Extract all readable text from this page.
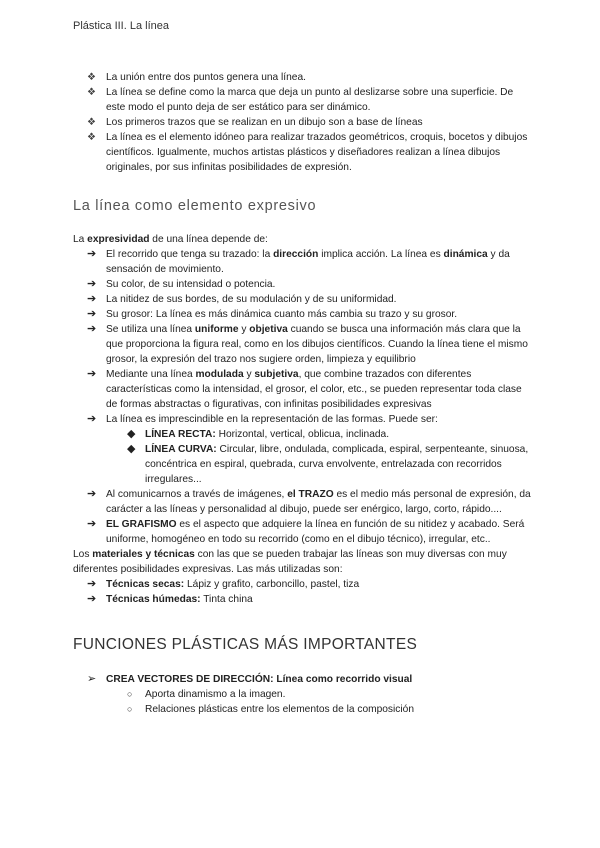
Plástica III. La línea
❖ La unión entre dos puntos genera una línea.
❖ La línea se define como la marca que deja un punto al deslizarse sobre una superficie. De este modo el punto deja de ser estático para ser dinámico.
❖ Los primeros trazos que se realizan en un dibujo son a base de líneas
❖ La línea es el elemento idóneo para realizar trazados geométricos, croquis, bocetos y dibujos científicos. Igualmente, muchos artistas plásticos y diseñadores realizan a línea dibujos originales, por sus infinitas posibilidades de expresión.
La línea como elemento expresivo
La expresividad de una línea depende de:
➔ El recorrido que tenga su trazado: la dirección implica acción. La línea es dinámica y da sensación de movimiento.
➔ Su color, de su intensidad o potencia.
➔ La nitidez de sus bordes, de su modulación y de su uniformidad.
➔ Su grosor: La línea es más dinámica cuanto más cambia su trazo y su grosor.
➔ Se utiliza una línea uniforme y objetiva cuando se busca una información más clara que la que proporciona la figura real, como en los dibujos científicos. Cuando la línea tiene el mismo grosor, la expresión del trazo nos sugiere orden, limpieza y equilibrio
➔ Mediante una línea modulada y subjetiva, que combine trazados con diferentes características como la intensidad, el grosor, el color, etc., se pueden representar toda clase de formas abstractas o figurativas, con infinitas posibilidades expresivas
➔ La línea es imprescindible en la representación de las formas. Puede ser:
◆ LÍNEA RECTA: Horizontal, vertical, oblicua, inclinada.
◆ LÍNEA CURVA: Circular, libre, ondulada, complicada, espiral, serpenteante, sinuosa, concéntrica en espiral, quebrada, curva envolvente, entrelazada con recorridos irregulares...
➔ Al comunicarnos a través de imágenes, el TRAZO es el medio más personal de expresión, da carácter a las líneas y personalidad al dibujo, puede ser enérgico, largo, corto, rápido....
➔ EL GRAFISMO es el aspecto que adquiere la línea en función de su nitidez y acabado. Será uniforme, homogéneo en todo su recorrido (como en el dibujo técnico), irregular, etc..
Los materiales y técnicas con las que se pueden trabajar las líneas son muy diversas con muy diferentes posibilidades expresivas. Las más utilizadas son:
➔ Técnicas secas: Lápiz y grafito, carboncillo, pastel, tiza
➔ Técnicas húmedas: Tinta china
FUNCIONES PLÁSTICAS MÁS IMPORTANTES
➢ CREA VECTORES DE DIRECCIÓN: Línea como recorrido visual
○ Aporta dinamismo a la imagen.
○ Relaciones plásticas entre los elementos de la composición
